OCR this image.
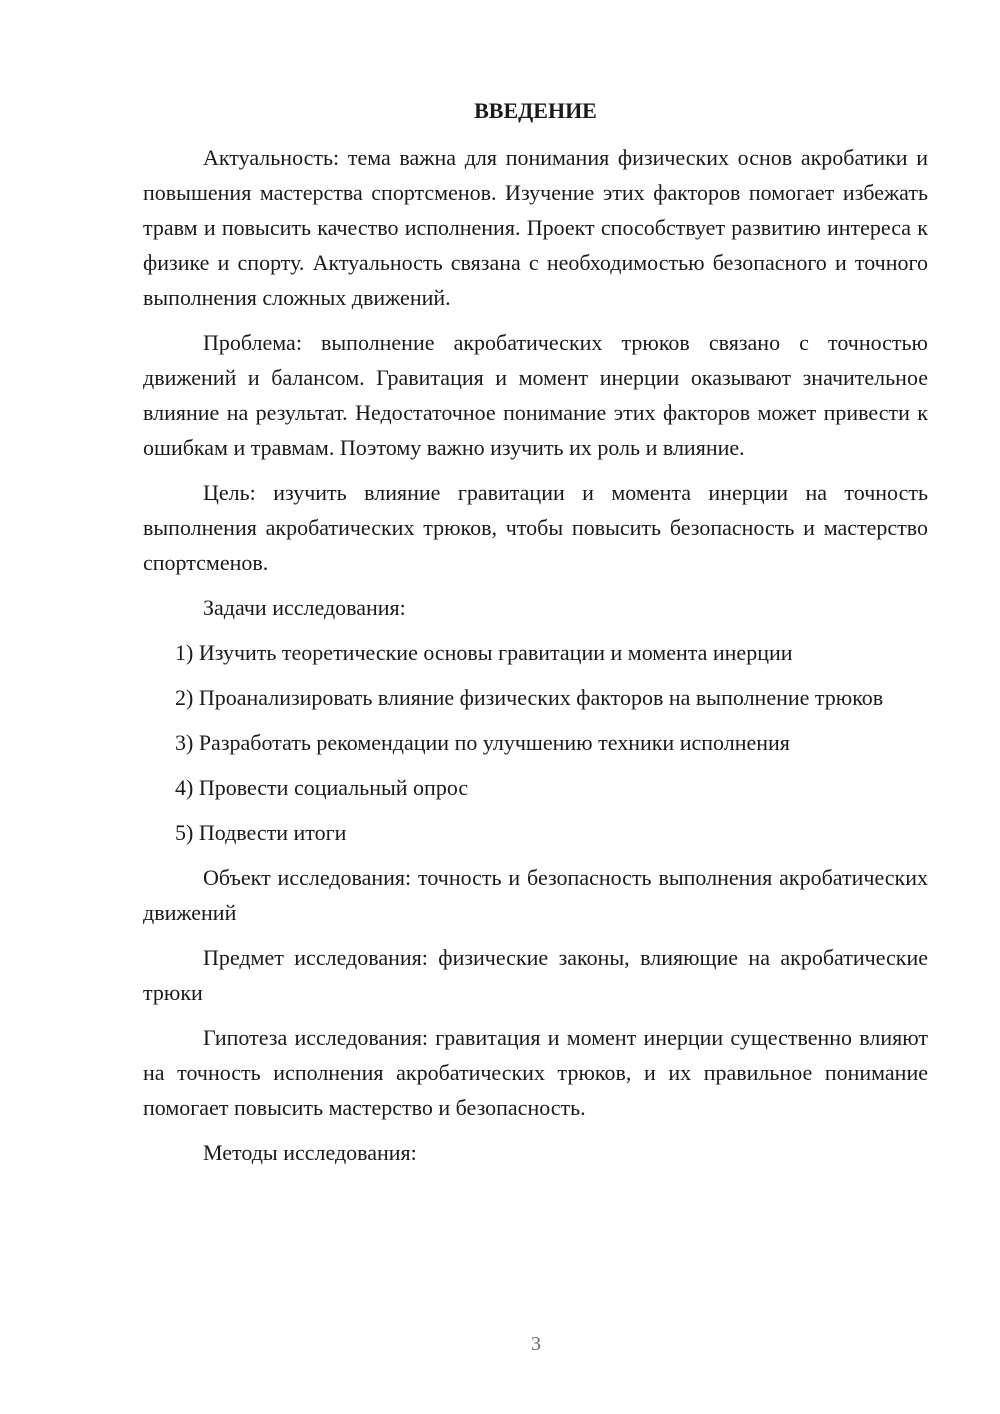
ВВЕДЕНИЕ

Актуальность: тема важна для понимания физических основ акробатики и повышения мастерства спортсменов. Изучение этих факторов помогает избежать травм и повысить качество исполнения. Проект способствует развитию интереса к физике и спорту. Актуальность связана с необходимостью безопасного и точного выполнения сложных движений.

Проблема: выполнение акробатических трюков связано с точностью движений и балансом. Гравитация и момент инерции оказывают значительное влияние на результат. Недостаточное понимание этих факторов может привести к ошибкам и травмам. Поэтому важно изучить их роль и влияние.

Цель: изучить влияние гравитации и момента инерции на точность выполнения акробатических трюков, чтобы повысить безопасность и мастерство спортсменов.

Задачи исследования:

1) Изучить теоретические основы гравитации и момента инерции

2) Проанализировать влияние физических факторов на выполнение трюков

3) Разработать рекомендации по улучшению техники исполнения

4) Провести социальный опрос

5) Подвести итоги

Объект исследования: точность и безопасность выполнения акробатических движений

Предмет исследования: физические законы, влияющие на акробатические трюки

Гипотеза исследования: гравитация и момент инерции существенно влияют на точность исполнения акробатических трюков, и их правильное понимание помогает повысить мастерство и безопасность.

Методы исследования:

3
